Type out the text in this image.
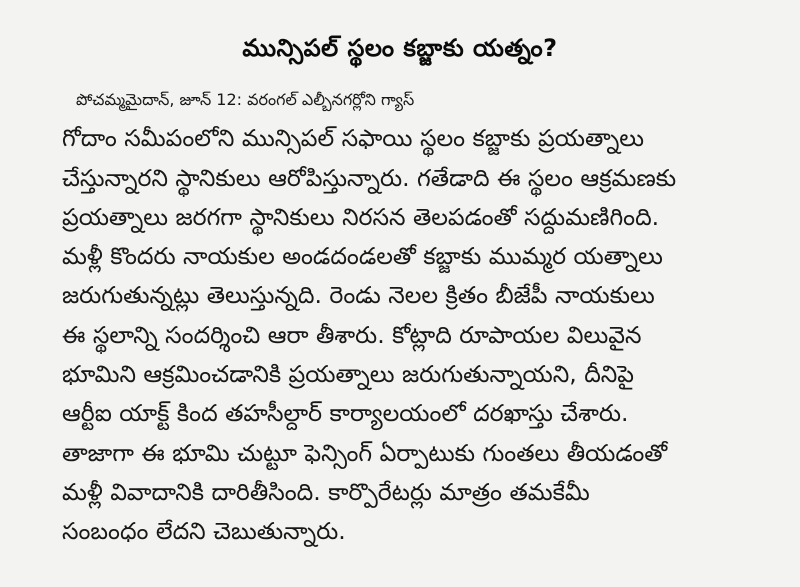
మున్సిపల్ స్థలం కబ్జాకు యత్నం?
పోచమ్మమైదాన్, జూన్ 12: వరంగల్ ఎల్బీనగర్లోని గ్యాస్
గోదాం సమీపంలోని మున్సిపల్ సఫాయి స్థలం కబ్జాకు ప్రయత్నాలు
చేస్తున్నారని స్థానికులు ఆరోపిస్తున్నారు. గతేడాది ఈ స్థలం ఆక్రమణకు
ప్రయత్నాలు జరగగా స్థానికులు నిరసన తెలపడంతో సద్దుమణిగింది.
మళ్లీ కొందరు నాయకుల అండదండలతో కబ్జాకు ముమ్మర యత్నాలు
జరుగుతున్నట్లు తెలుస్తున్నది. రెండు నెలల క్రితం బీజేపీ నాయకులు
ఈ స్థలాన్ని సందర్శించి ఆరా తీశారు. కోట్లాది రూపాయల విలువైన
భూమిని ఆక్రమించడానికి ప్రయత్నాలు జరుగుతున్నాయని, దీనిపై
ఆర్టీఐ యాక్ట్ కింద తహసీల్దార్ కార్యాలయంలో దరఖాస్తు చేశారు.
తాజాగా ఈ భూమి చుట్టూ ఫెన్సింగ్ ఏర్పాటుకు గుంతలు తీయడంతో
మళ్లీ వివాదానికి దారితీసింది. కార్పొరేటర్లు మాత్రం తమకేమీ
సంబంధం లేదని చెబుతున్నారు.
